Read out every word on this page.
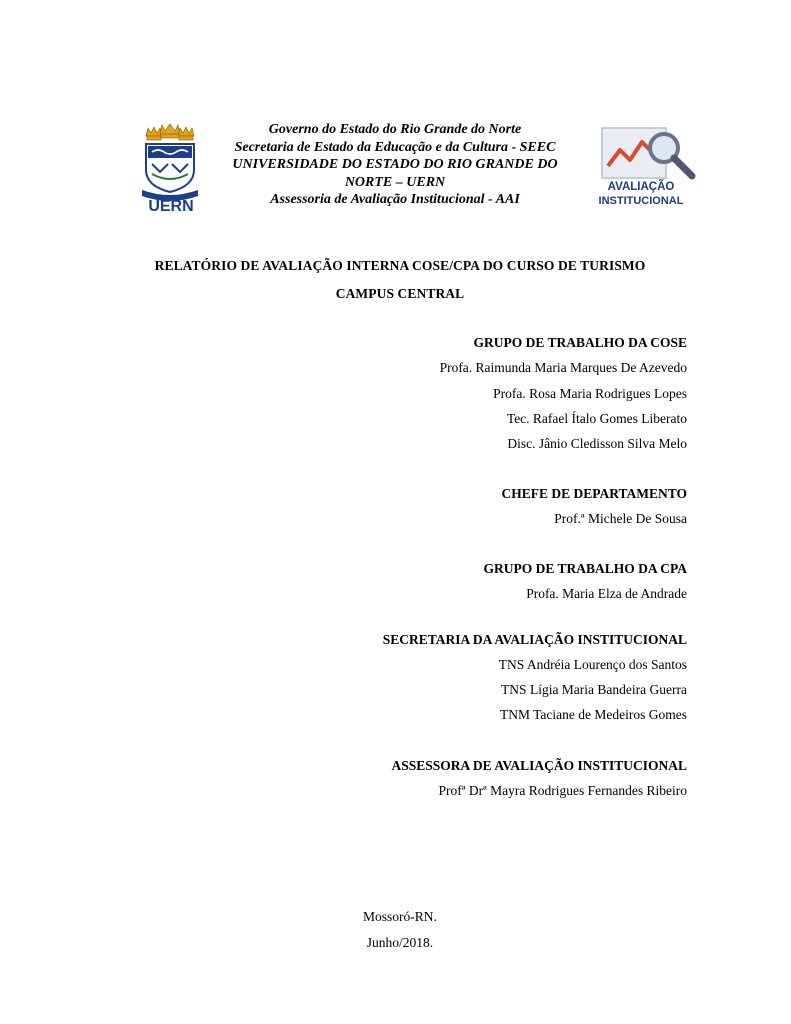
UERN
Governo do Estado do Rio Grande do Norte
Secretaria de Estado da Educação e da Cultura - SEEC
UNIVERSIDADE DO ESTADO DO RIO GRANDE DO
NORTE – UERN
Assessoria de Avaliação Institucional - AAI
AVALIAÇÃO
INSTITUCIONAL
RELATÓRIO DE AVALIAÇÃO INTERNA COSE/CPA DO CURSO DE TURISMO
CAMPUS CENTRAL
GRUPO DE TRABALHO DA COSE
Profa. Raimunda Maria Marques De Azevedo
Profa. Rosa Maria Rodrigues Lopes
Tec. Rafael Ítalo Gomes Liberato
Disc. Jânio Cledisson Silva Melo
CHEFE DE DEPARTAMENTO
Prof.ª Michele De Sousa
GRUPO DE TRABALHO DA CPA
Profa. Maria Elza de Andrade
SECRETARIA DA AVALIAÇÃO INSTITUCIONAL
TNS Andréia Lourenço dos Santos
TNS Lígia Maria Bandeira Guerra
TNM Taciane de Medeiros Gomes
ASSESSORA DE AVALIAÇÃO INSTITUCIONAL
Profª Drª Mayra Rodrigues Fernandes Ribeiro
Mossoró-RN.
Junho/2018.
